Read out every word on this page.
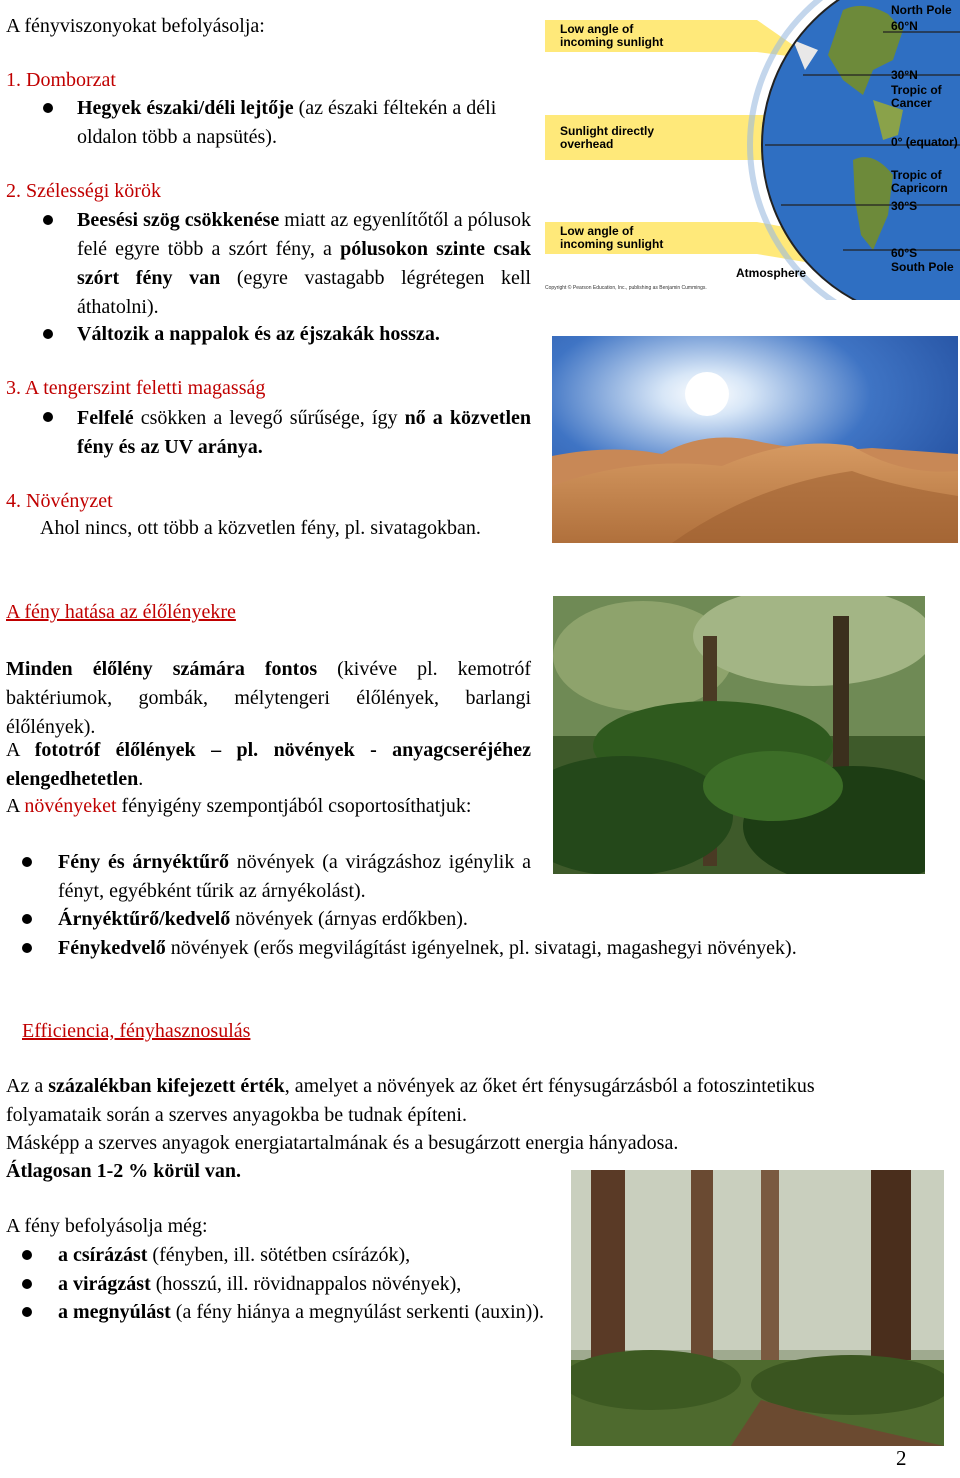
A fényviszonyokat befolyásolja:
1. Domborzat

Hegyek északi/déli lejtője (az északi féltekén a déli oldalon több a napsütés).

2. Szélességi körök

Beesési szög csökkenése miatt az egyenlítőtől a pólusok felé egyre több a szórt fény, a pólusokon szinte csak szórt fény van (egyre vastagabb légrétegen kell áthatolni).

Változik a nappalok és az éjszakák hossza.

3. A tengerszint feletti magasság

Felfelé csökken a levegő sűrűsége, így nő a közvetlen fény és az UV aránya.

4. Növényzet

Ahol nincs, ott több a közvetlen fény, pl. sivatagokban.

A fény hatása az élőlényekre

Minden élőlény számára fontos (kivéve pl. kemotróf baktériumok, gombák, mélytengeri élőlények, barlangi élőlények).

A fototróf élőlények – pl. növények - anyagcseréjéhez elengedhetetlen.

A növényeket fényigény szempontjából csoportosíthatjuk:

Fény és árnyéktűrő növények (a virágzáshoz igénylik a fényt, egyébként tűrik az árnyékolást).

Árnyéktűrő/kedvelő növények (árnyas erdőkben).

Fénykedvelő növények (erős megvilágítást igényelnek, pl. sivatagi, magashegyi növények).

Efficiencia, fényhasznosulás

Az a százalékban kifejezett érték, amelyet a növények az őket ért fénysugárzásból a fotoszintetikus folyamataik során a szerves anyagokba be tudnak építeni.

Másképp a szerves anyagok energiatartalmának és a besugárzott energia hányadosa.

Átlagosan 1-2 % körül van.

A fény befolyásolja még:

a csírázást (fényben, ill. sötétben csírázók),

a virágzást (hosszú, ill. rövidnappalos növények),

a megnyúlást (a fény hiánya a megnyúlást serkenti (auxin)).

2
Low angle of
incoming sunlight
Sunlight directly
overhead
Low angle of
incoming sunlight
Atmosphere
Copyright © Pearson Education, Inc., publishing as Benjamin Cummings.
North Pole
60°N
30°N
Tropic of
Cancer
0° (equator)
Tropic of
Capricorn
30°S
60°S
South Pole
